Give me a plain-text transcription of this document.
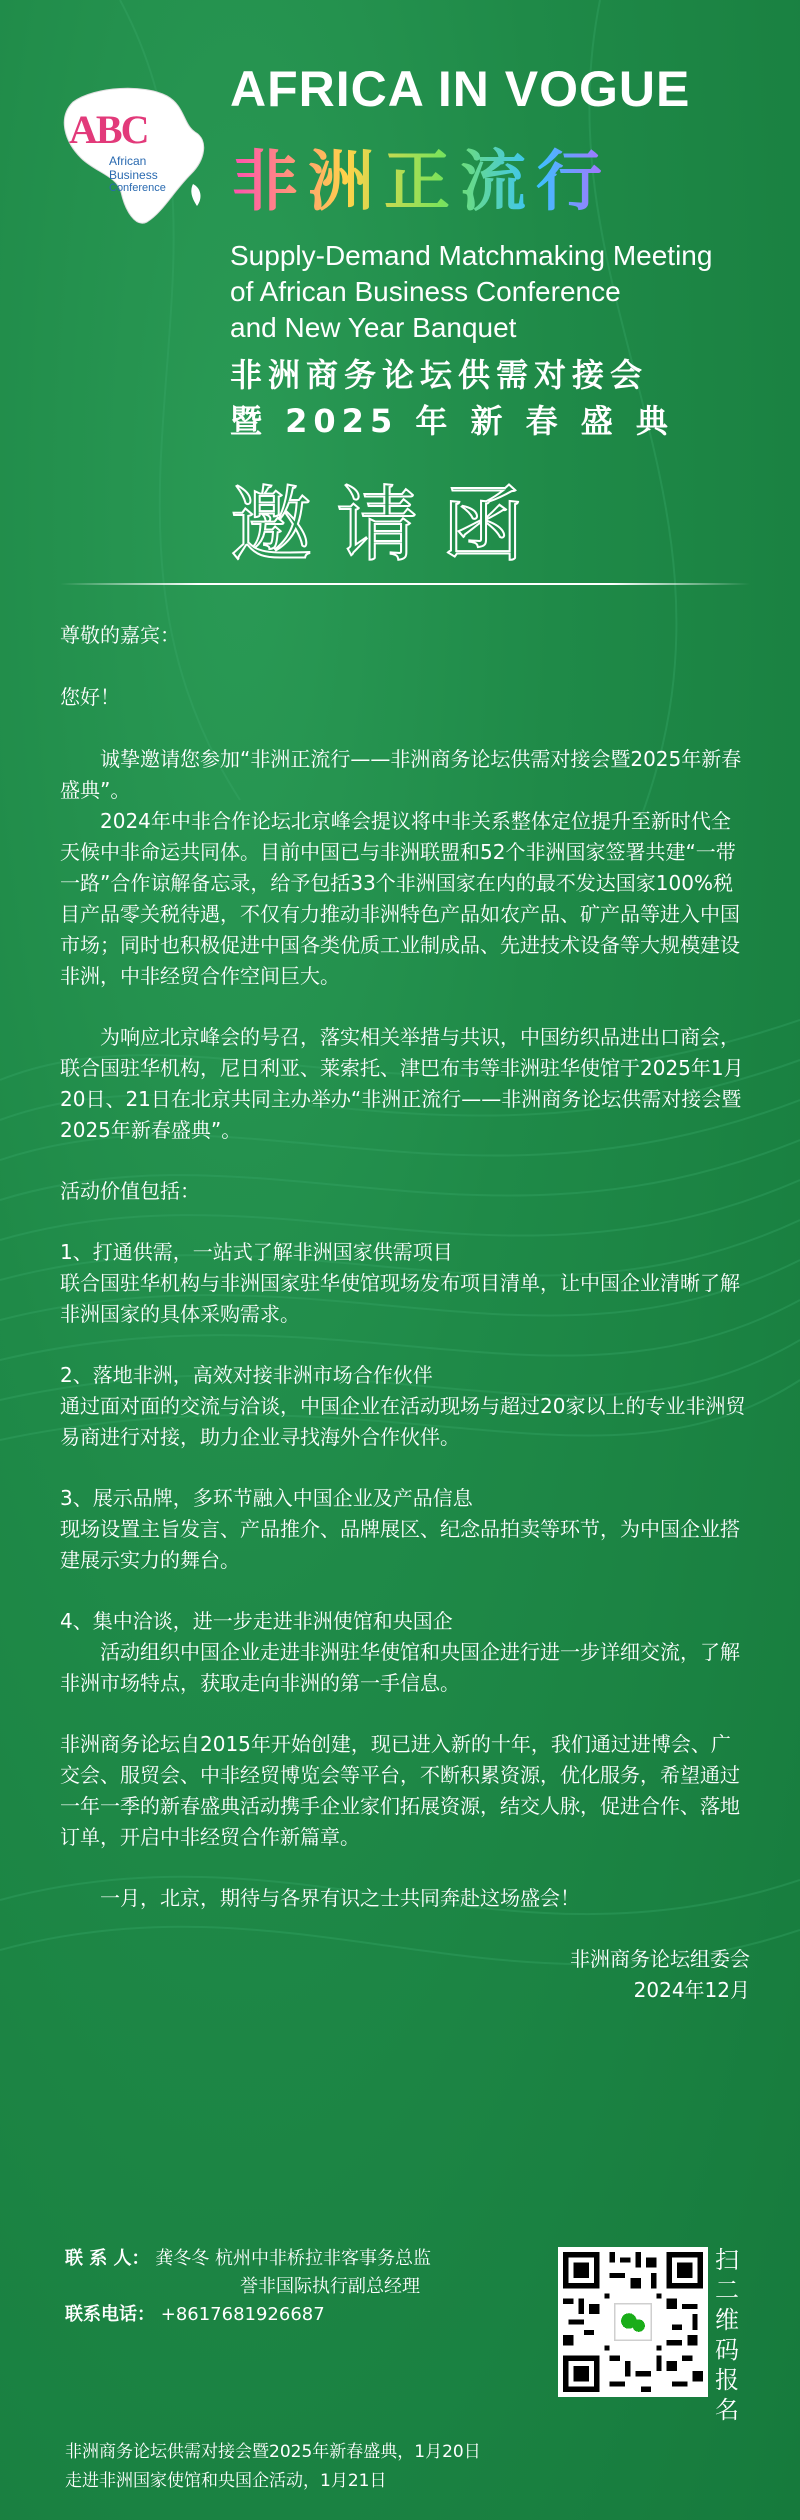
ABC
African
Business
Conference
AFRICA IN VOGUE
非洲正流行
Supply-Demand Matchmaking Meeting
of African Business Conference
and New Year Banquet
非洲商务论坛供需对接会
暨 2025 年 新 春 盛 典
邀请函

尊敬的嘉宾：

您好！

诚挚邀请您参加“非洲正流行——非洲商务论坛供需对接会暨2025年新春盛典”。

2024年中非合作论坛北京峰会提议将中非关系整体定位提升至新时代全天候中非命运共同体。目前中国已与非洲联盟和52个非洲国家签署共建“一带一路”合作谅解备忘录，给予包括33个非洲国家在内的最不发达国家100%税目产品零关税待遇，不仅有力推动非洲特色产品如农产品、矿产品等进入中国市场；同时也积极促进中国各类优质工业制成品、先进技术设备等大规模建设非洲，中非经贸合作空间巨大。

为响应北京峰会的号召，落实相关举措与共识，中国纺织品进出口商会，联合国驻华机构，尼日利亚、莱索托、津巴布韦等非洲驻华使馆于2025年1月20日、21日在北京共同主办举办“非洲正流行——非洲商务论坛供需对接会暨2025年新春盛典”。

活动价值包括：

1、打通供需，一站式了解非洲国家供需项目

联合国驻华机构与非洲国家驻华使馆现场发布项目清单，让中国企业清晰了解非洲国家的具体采购需求。

2、落地非洲，高效对接非洲市场合作伙伴

通过面对面的交流与洽谈，中国企业在活动现场与超过20家以上的专业非洲贸易商进行对接，助力企业寻找海外合作伙伴。

3、展示品牌，多环节融入中国企业及产品信息

现场设置主旨发言、产品推介、品牌展区、纪念品拍卖等环节，为中国企业搭建展示实力的舞台。

4、集中洽谈，进一步走进非洲使馆和央国企

活动组织中国企业走进非洲驻华使馆和央国企进行进一步详细交流，了解非洲市场特点，获取走向非洲的第一手信息。

非洲商务论坛自2015年开始创建，现已进入新的十年，我们通过进博会、广交会、服贸会、中非经贸博览会等平台，不断积累资源，优化服务，希望通过一年一季的新春盛典活动携手企业家们拓展资源，结交人脉，促进合作、落地订单，开启中非经贸合作新篇章。

一月，北京，期待与各界有识之士共同奔赴这场盛会！

非洲商务论坛组委会

2024年12月

联 系 人： 龚冬冬 杭州中非桥拉非客事务总监
誉非国际执行副总经理
联系电话： +8617681926687
非洲商务论坛供需对接会暨2025年新春盛典，1月20日
走进非洲国家使馆和央国企活动，1月21日
扫二维码报名
